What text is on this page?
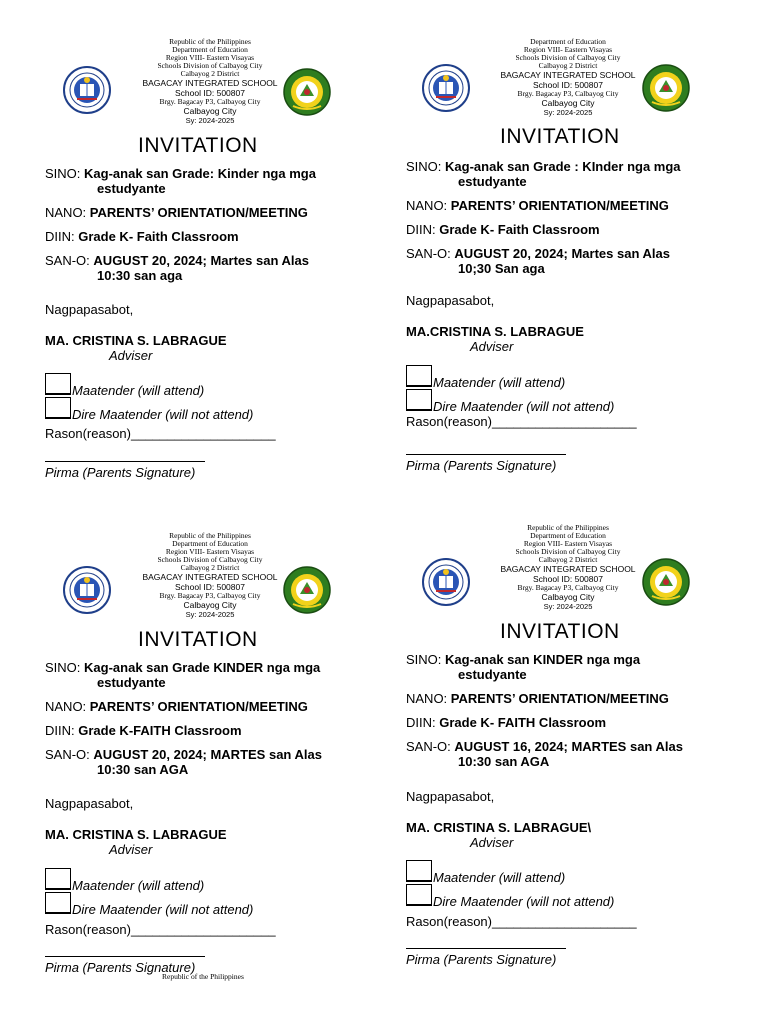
Republic of the Philippines
Department of Education
Region VIII- Eastern Visayas
Schools Division of Calbayog City
Calbayog 2 District
BAGACAY INTEGRATED SCHOOL
School ID: 500807
Brgy. Bagacay P3, Calbayog City
Calbayog City
Sy: 2024-2025
INVITATION
SINO: Kag-anak san Grade: Kinder nga mga
estudyante
NANO: PARENTS’ ORIENTATION/MEETING
DIIN: Grade K- Faith Classroom
SAN-O: AUGUST 20, 2024; Martes san Alas
10:30 san aga
Nagpapasabot,
MA. CRISTINA S. LABRAGUE
Adviser
Maatender (will attend)
Dire Maatender (will not attend)
Rason(reason)____________________
Pirma (Parents Signature)
Department of Education
Region VIII- Eastern Visayas
Schools Division of Calbayog City
Calbayog 2 District
BAGACAY INTEGRATED SCHOOL
School ID: 500807
Brgy. Bagacay P3, Calbayog City
Calbayog City
Sy: 2024-2025
INVITATION
SINO: Kag-anak san Grade : KInder nga mga
estudyante
NANO: PARENTS’ ORIENTATION/MEETING
DIIN: Grade K- Faith Classroom
SAN-O: AUGUST 20, 2024; Martes san Alas
10;30 San aga
Nagpapasabot,
MA.CRISTINA S. LABRAGUE
Adviser
Maatender (will attend)
Dire Maatender (will not attend)
Rason(reason)____________________
Pirma (Parents Signature)
Republic of the Philippines
Department of Education
Region VIII- Eastern Visayas
Schools Division of Calbayog City
Calbayog 2 District
BAGACAY INTEGRATED SCHOOL
School ID: 500807
Brgy. Bagacay P3, Calbayog City
Calbayog City
Sy: 2024-2025
INVITATION
SINO: Kag-anak san Grade KINDER nga mga
estudyante
NANO: PARENTS’ ORIENTATION/MEETING
DIIN: Grade K-FAITH Classroom
SAN-O: AUGUST 20, 2024; MARTES san Alas
10:30 san AGA
Nagpapasabot,
MA. CRISTINA S. LABRAGUE
Adviser
Maatender (will attend)
Dire Maatender (will not attend)
Rason(reason)____________________
Pirma (Parents Signature)
Republic of the Philippines
Department of Education
Region VIII- Eastern Visayas
Schools Division of Calbayog City
Calbayog 2 District
BAGACAY INTEGRATED SCHOOL
School ID: 500807
Brgy. Bagacay P3, Calbayog City
Calbayog City
Sy: 2024-2025
INVITATION
SINO: Kag-anak san KINDER nga mga
estudyante
NANO: PARENTS’ ORIENTATION/MEETING
DIIN: Grade K- FAITH Classroom
SAN-O: AUGUST 16, 2024; MARTES san Alas
10:30 san AGA
Nagpapasabot,
MA. CRISTINA S. LABRAGUE\
Adviser
Maatender (will attend)
Dire Maatender (will not attend)
Rason(reason)____________________
Pirma (Parents Signature)
Republic of the Philippines
